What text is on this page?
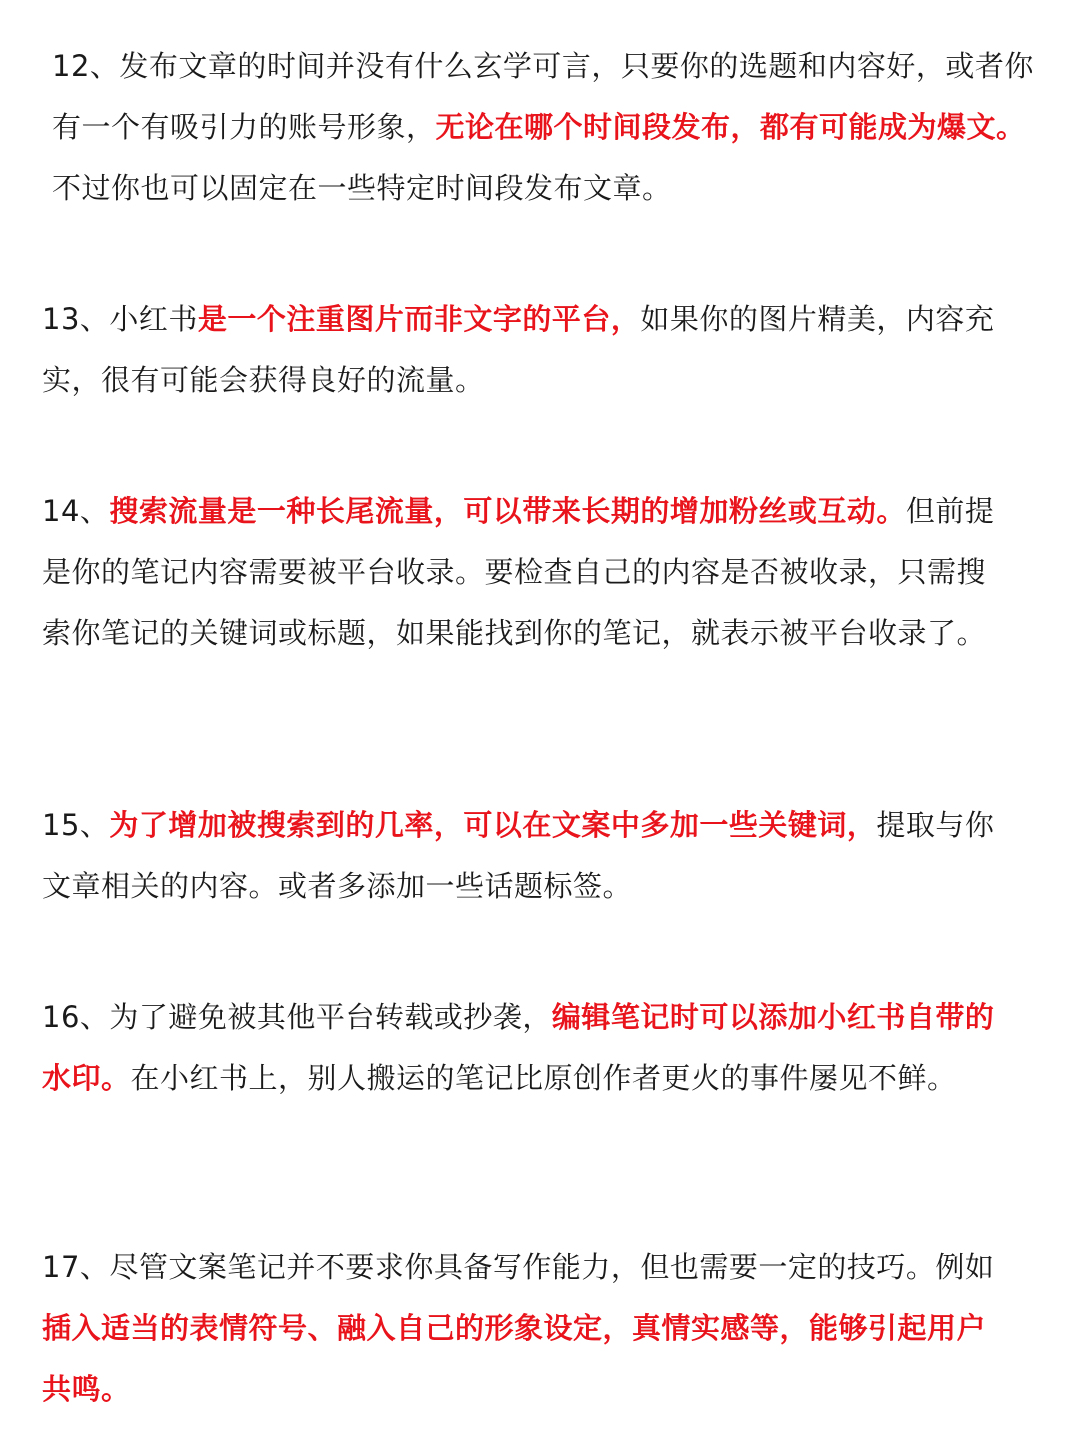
12、发布文章的时间并没有什么玄学可言，只要你的选题和内容好，或者你有一个有吸引力的账号形象，无论在哪个时间段发布，都有可能成为爆文。不过你也可以固定在一些特定时间段发布文章。

13、小红书是一个注重图片而非文字的平台，如果你的图片精美，内容充实，很有可能会获得良好的流量。

14、搜索流量是一种长尾流量，可以带来长期的增加粉丝或互动。但前提是你的笔记内容需要被平台收录。要检查自己的内容是否被收录，只需搜索你笔记的关键词或标题，如果能找到你的笔记，就表示被平台收录了。

15、为了增加被搜索到的几率，可以在文案中多加一些关键词，提取与你文章相关的内容。或者多添加一些话题标签。

16、为了避免被其他平台转载或抄袭，编辑笔记时可以添加小红书自带的水印。在小红书上，别人搬运的笔记比原创作者更火的事件屡见不鲜。

17、尽管文案笔记并不要求你具备写作能力，但也需要一定的技巧。例如插入适当的表情符号、融入自己的形象设定，真情实感等，能够引起用户共鸣。
